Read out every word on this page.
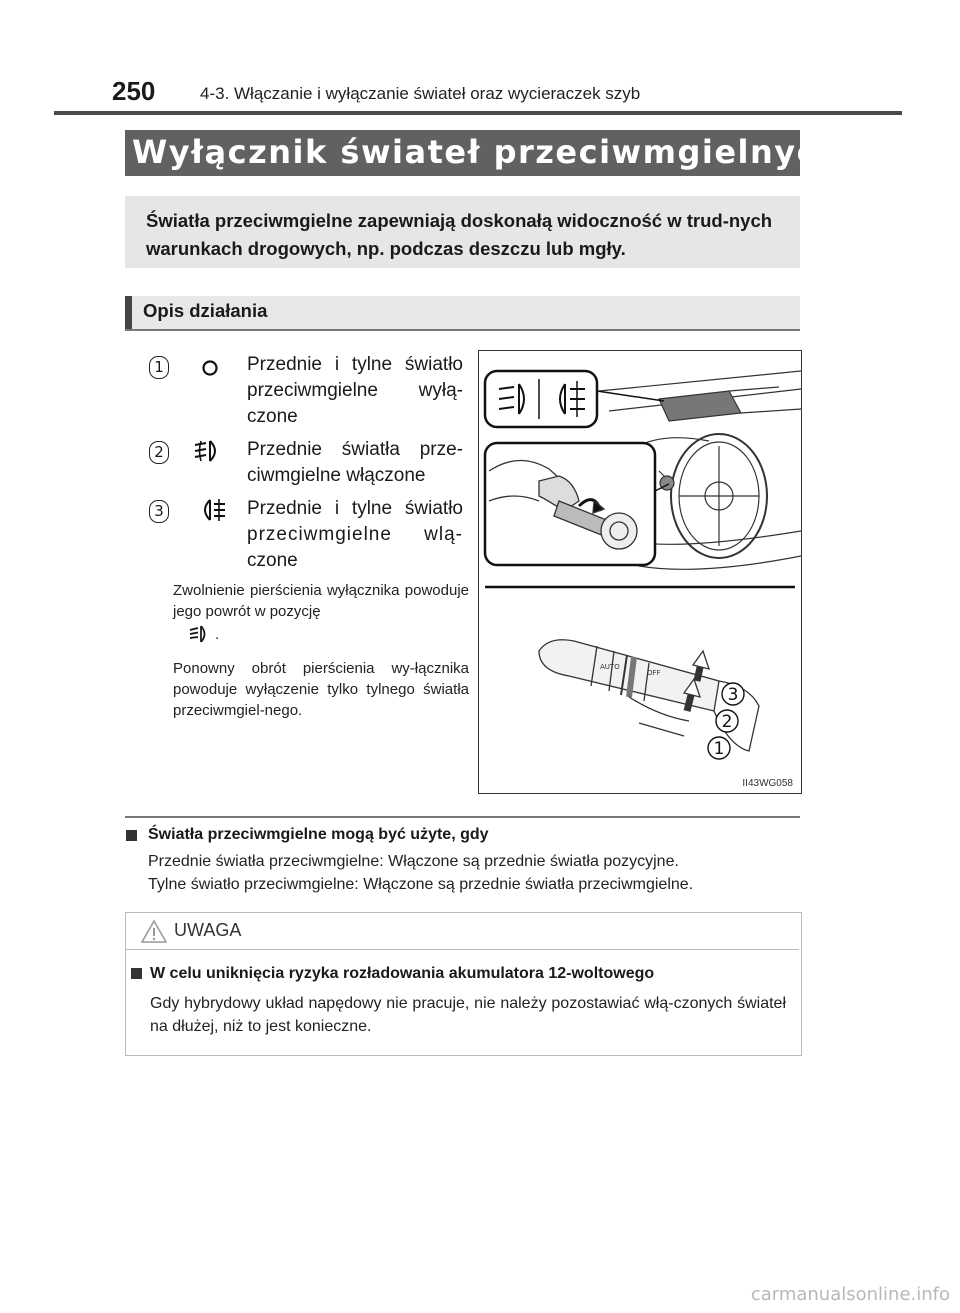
250	4-3. Włączanie i wyłączanie świateł oraz wycieraczek szyb
Wyłącznik świateł przeciwmgielnych
Światła przeciwmgielne zapewniają doskonałą widoczność w trud-nych warunkach drogowych, np. podczas deszczu lub mgły.
Opis działania
1	Przednie i tylne światło
przeciwmgielne wyłą-
czone
2	Przednie światła prze-
ciwmgielne włączone
3	Przednie i tylne światło
przeciwmgielne wlą-
czone
Zwolnienie pierścienia wyłącznika powoduje jego powrót w pozycję
.
Ponowny obrót pierścienia wy-łącznika powoduje wyłączenie tylko tylnego światła przeciwmgiel-nego.
AUTO
OFF
3
2
1
II43WG058
Światła przeciwmgielne mogą być użyte, gdy
Przednie światła przeciwmgielne: Włączone są przednie światła pozycyjne.
Tylne światło przeciwmgielne: Włączone są przednie światła przeciwmgielne.
UWAGA
W celu uniknięcia ryzyka rozładowania akumulatora 12-woltowego
Gdy hybrydowy układ napędowy nie pracuje, nie należy pozostawiać włą-czonych świateł na dłużej, niż to jest konieczne.
carmanualsonline.info
